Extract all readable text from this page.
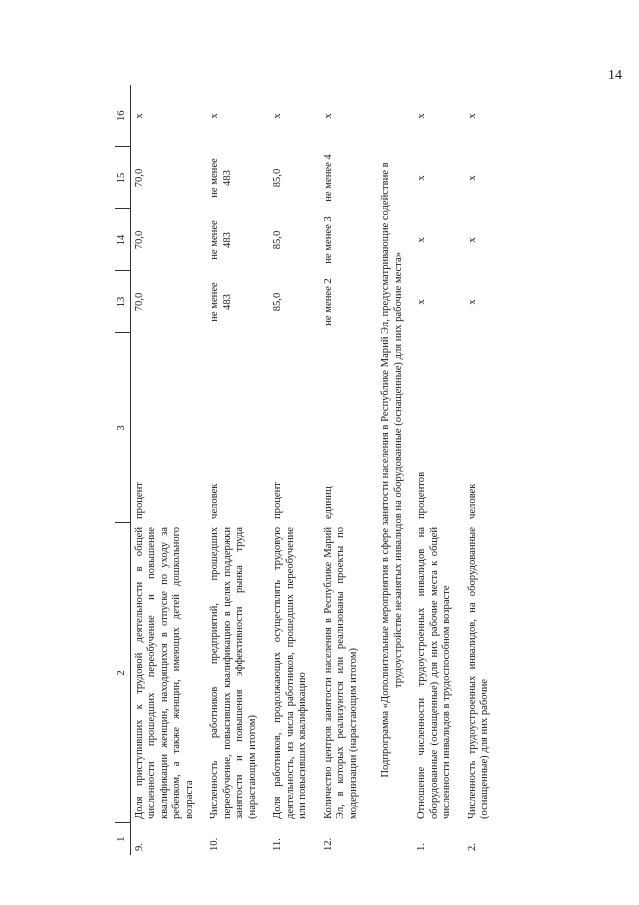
14
1	2	3	13	14	15	16
9.	Доля приступивших к трудовой деятельности в общей численности прошедших переобучение и повышение квалификации женщин, находящихся в отпуске по уходу за ребенком, а также женщин, имеющих детей дошкольного возраста	процент	70,0	70,0	70,0	x
10.	Численность работников предприятий, прошедших переобучение, повысивших квалификацию в целях поддержки занятости и повышения эффективности рынка труда (нарастающим итогом)	человек	не менее 483	не менее 483	не менее 483	x
11.	Доля работников, продолжающих осуществлять трудовую деятельность, из числа работников, прошедших переобучение или повысивших квалификацию	процент	85,0	85,0	85,0	x
12.	Количество центров занятости населения в Республике Марий Эл, в которых реализуются или реализованы проекты по модернизации (нарастающим итогом)	единиц	не менее 2	не менее 3	не менее 4	x
Подпрограмма «Дополнительные мероприятия в сфере занятости населения в Республике Марий Эл, предусматривающие содействие в трудоустройстве незанятых инвалидов на оборудованные (оснащенные) для них рабочие места»						
1.	Отношение численности трудоустроенных инвалидов на оборудованные (оснащенные) для них рабочие места к общей численности инвалидов в трудоспособном возрасте	процентов	x	x	x	x
2.	Численность трудоустроенных инвалидов, на оборудованные (оснащенные) для них рабочие	человек	x	x	x	x
